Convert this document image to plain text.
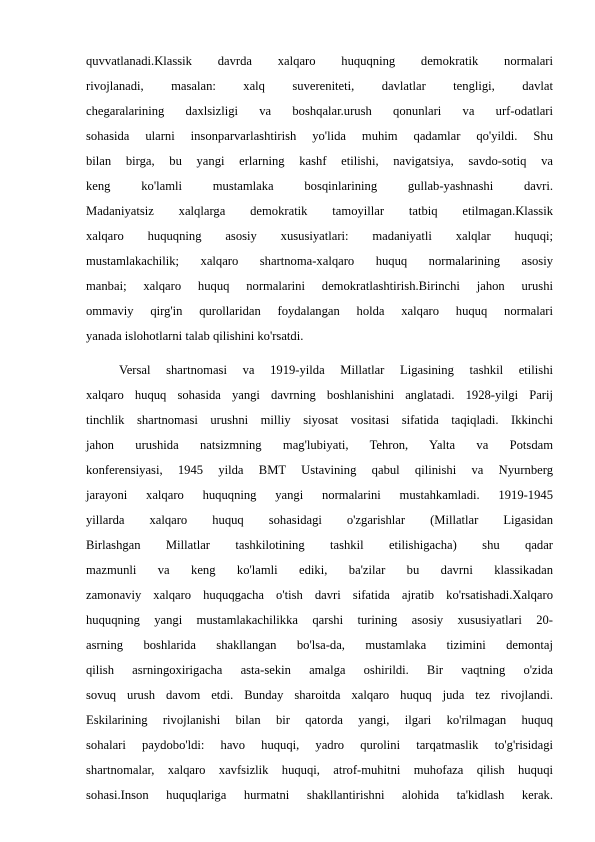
quvvatlanadi.Klassik davrda xalqaro huquqning demokratik normalari
rivojlanadi, masalan: xalq suvereniteti, davlatlar tengligi, davlat
chegaralarining daxlsizligi va boshqalar.urush qonunlari va urf-odatlari
sohasida ularni insonparvarlashtirish yo'lida muhim qadamlar qo'yildi. Shu
bilan birga, bu yangi erlarning kashf etilishi, navigatsiya, savdo-sotiq va
keng ko'lamli mustamlaka bosqinlarining gullab-yashnashi davri.
Madaniyatsiz xalqlarga demokratik tamoyillar tatbiq etilmagan.Klassik
xalqaro huquqning asosiy xususiyatlari: madaniyatli xalqlar huquqi;
mustamlakachilik; xalqaro shartnoma-xalqaro huquq normalarining asosiy
manbai; xalqaro huquq normalarini demokratlashtirish.Birinchi jahon urushi
ommaviy qirg'in qurollaridan foydalangan holda xalqaro huquq normalari
yanada islohotlarni talab qilishini ko'rsatdi.
Versal shartnomasi va 1919-yilda Millatlar Ligasining tashkil etilishi
xalqaro huquq sohasida yangi davrning boshlanishini anglatadi. 1928-yilgi Parij
tinchlik shartnomasi urushni milliy siyosat vositasi sifatida taqiqladi. Ikkinchi
jahon urushida natsizmning mag'lubiyati, Tehron, Yalta va Potsdam
konferensiyasi, 1945 yilda BMT Ustavining qabul qilinishi va Nyurnberg
jarayoni xalqaro huquqning yangi normalarini mustahkamladi. 1919-1945
yillarda xalqaro huquq sohasidagi o'zgarishlar (Millatlar Ligasidan
Birlashgan Millatlar tashkilotining tashkil etilishigacha) shu qadar
mazmunli va keng ko'lamli ediki, ba'zilar bu davrni klassikadan
zamonaviy xalqaro huquqgacha o'tish davri sifatida ajratib ko'rsatishadi.Xalqaro
huquqning yangi mustamlakachilikka qarshi turining asosiy xususiyatlari 20-
asrning boshlarida shakllangan bo'lsa-da, mustamlaka tizimini demontaj
qilish asrningoxirigacha asta-sekin amalga oshirildi. Bir vaqtning o'zida
sovuq urush davom etdi. Bunday sharoitda xalqaro huquq juda tez rivojlandi.
Eskilarining rivojlanishi bilan bir qatorda yangi, ilgari ko'rilmagan huquq
sohalari paydobo'ldi: havo huquqi, yadro qurolini tarqatmaslik to'g'risidagi
shartnomalar, xalqaro xavfsizlik huquqi, atrof-muhitni muhofaza qilish huquqi
sohasi.Inson huquqlariga hurmatni shakllantirishni alohida ta'kidlash kerak.
